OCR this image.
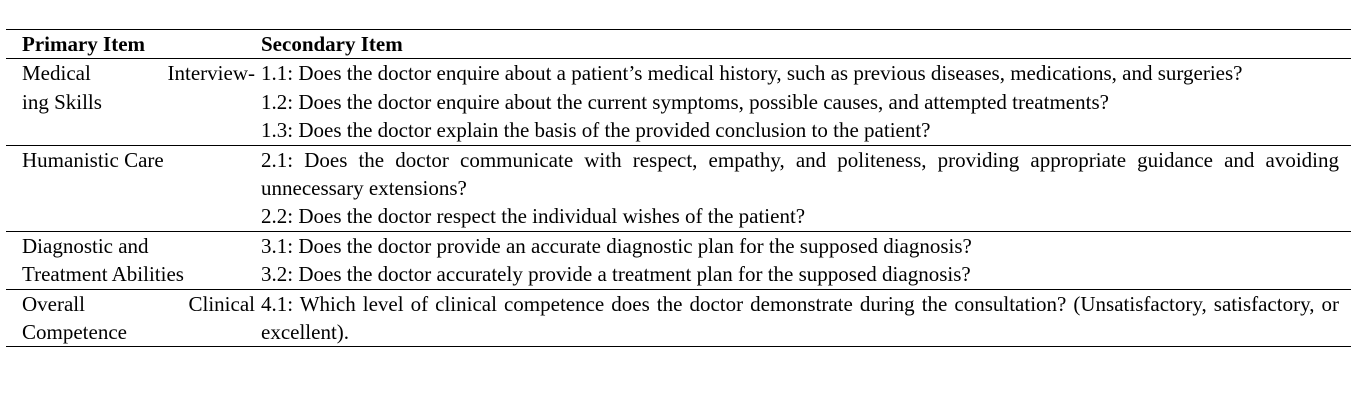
Primary Item	Secondary Item

Medical Interview-
ing Skills	1.1: Does the doctor enquire about a patient’s medical history, such as previous diseases, medications, and surgeries?
1.2: Does the doctor enquire about the current symptoms, possible causes, and attempted treatments?
1.3: Does the doctor explain the basis of the provided conclusion to the patient?

Humanistic Care	2.1: Does the doctor communicate with respect, empathy, and politeness, providing appropriate guidance and avoiding unnecessary extensions?
2.2: Does the doctor respect the individual wishes of the patient?

Diagnostic and
Treatment Abilities	3.1: Does the doctor provide an accurate diagnostic plan for the supposed diagnosis?
3.2: Does the doctor accurately provide a treatment plan for the supposed diagnosis?

Overall Clinical
Competence	4.1: Which level of clinical competence does the doctor demonstrate during the consultation? (Unsatisfactory, satisfactory, or excellent).
